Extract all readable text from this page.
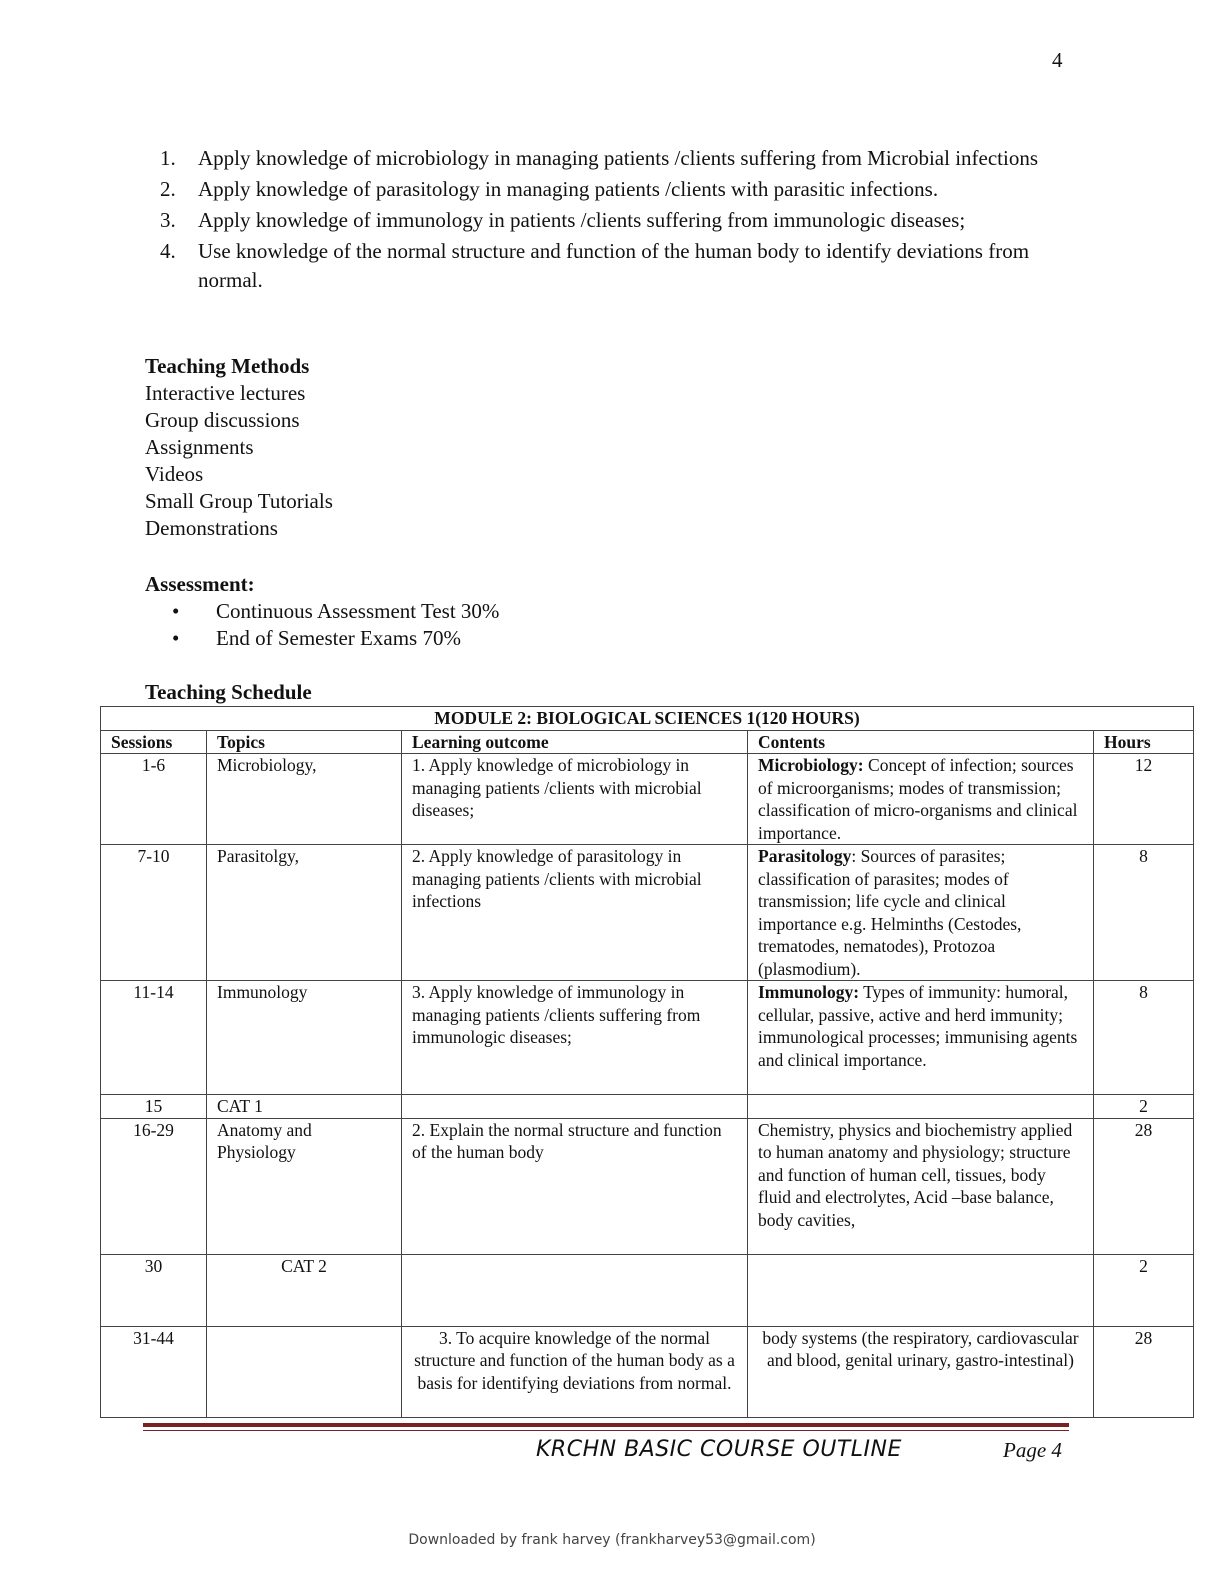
4
1.	Apply knowledge of microbiology in managing patients /clients suffering from Microbial infections
2.	Apply knowledge of parasitology in managing patients /clients with parasitic infections.
3.	Apply knowledge of immunology in patients /clients suffering from immunologic diseases;
4.	Use knowledge of the normal structure and function of the human body to identify deviations from normal.
Teaching Methods
Interactive lectures
Group discussions
Assignments
Videos
Small Group Tutorials
Demonstrations
Assessment:
•	Continuous Assessment Test 30%
•	End of Semester Exams 70%
Teaching Schedule
MODULE 2: BIOLOGICAL SCIENCES 1(120 HOURS)				
Sessions	Topics	Learning outcome	Contents	Hours
1-6	Microbiology,	1. Apply knowledge of microbiology in managing patients /clients with microbial diseases;	Microbiology: Concept of infection; sources of microorganisms; modes of transmission; classification of micro-organisms and clinical importance.	12
7-10	Parasitolgy,	2. Apply knowledge of parasitology in managing patients /clients with microbial infections	Parasitology: Sources of parasites; classification of parasites; modes of transmission; life cycle and clinical importance e.g. Helminths (Cestodes, trematodes, nematodes), Protozoa (plasmodium).	8
11-14	Immunology	3. Apply knowledge of immunology in managing patients /clients suffering from immunologic diseases;	Immunology: Types of immunity: humoral, cellular, passive, active and herd immunity; immunological processes; immunising agents and clinical importance.	8
15	CAT 1			2
16-29	Anatomy and Physiology	2. Explain the normal structure and function of the human body	Chemistry, physics and biochemistry applied to human anatomy and physiology; structure and function of human cell, tissues, body fluid and electrolytes, Acid –base balance, body cavities,	28
30	CAT 2			2
31-44		3. To acquire knowledge of the normal structure and function of the human body as a basis for identifying deviations from normal.	body systems (the respiratory, cardiovascular and blood, genital urinary, gastro-intestinal)	28
KRCHN BASIC COURSE OUTLINE	Page 4
Downloaded by frank harvey (frankharvey53@gmail.com)
